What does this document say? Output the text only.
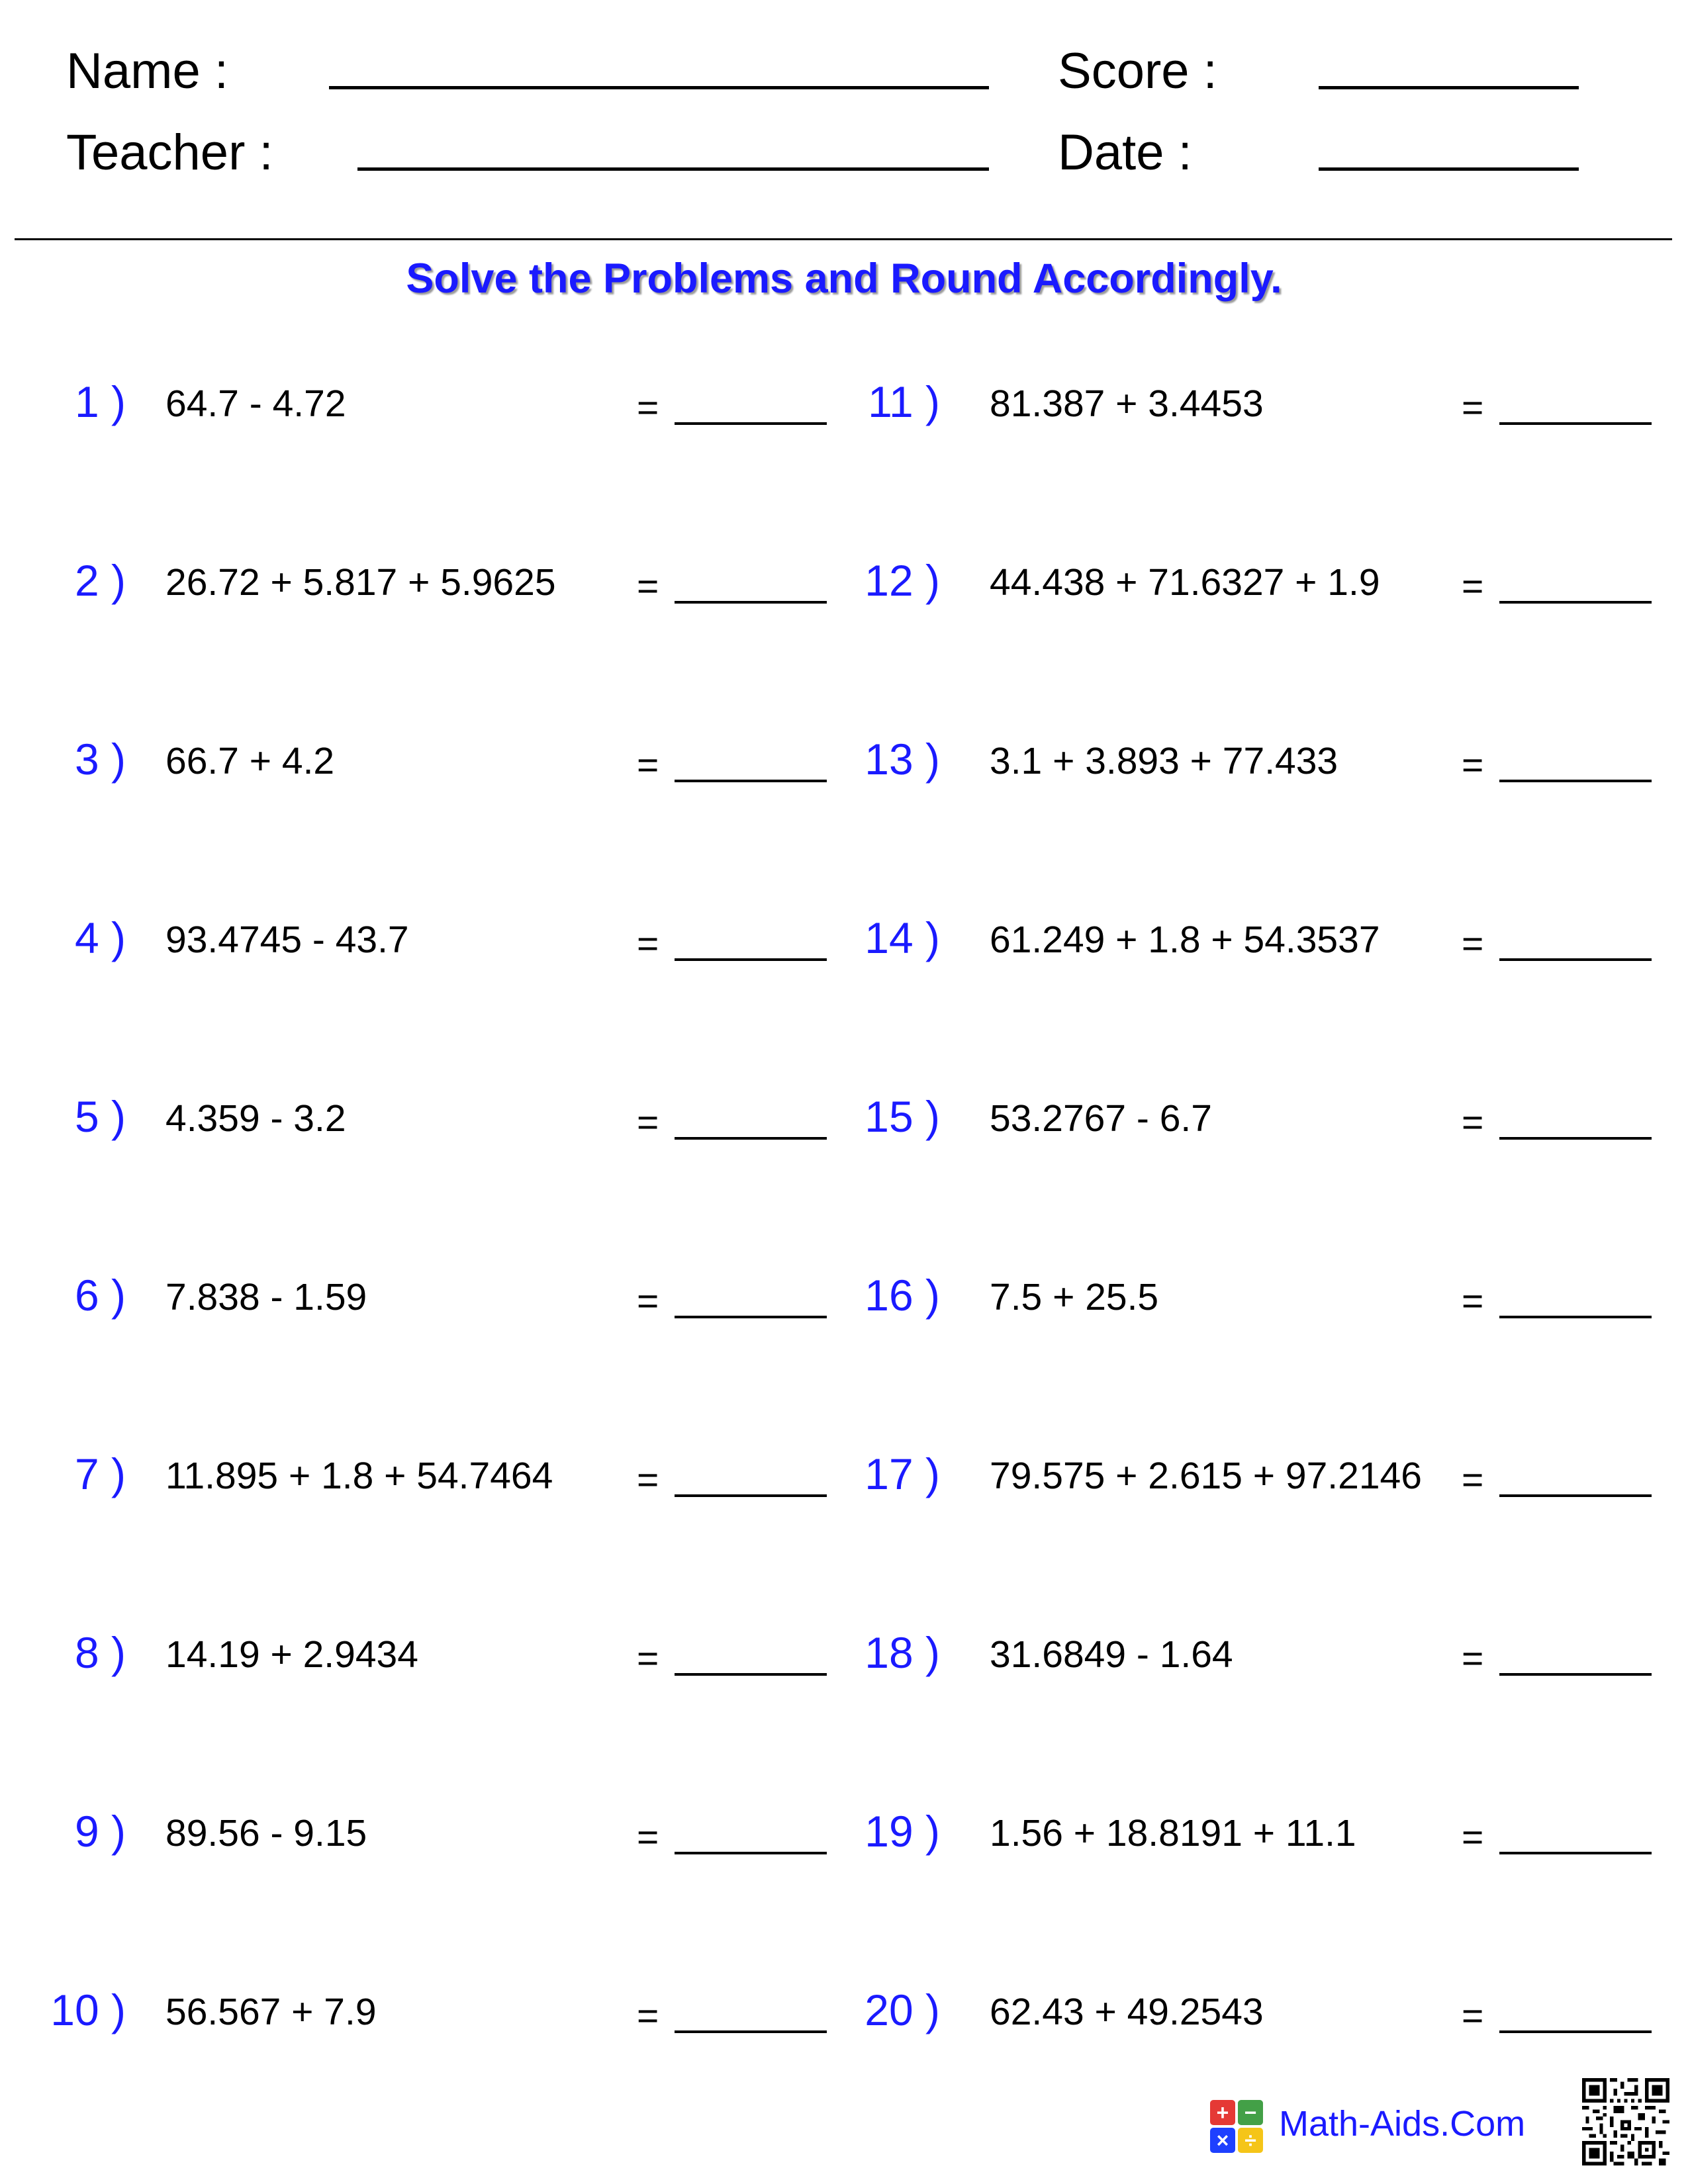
Name :
Teacher :
Score :
Date :
Solve the Problems and Round Accordingly.
1 ) 64.7 - 4.72	=
2 ) 26.72 + 5.817 + 5.9625 =
3 ) 66.7 + 4.2	=
4 ) 93.4745 - 43.7	=
5 ) 4.359 - 3.2	=
6 ) 7.838 - 1.59	=
7 ) 11.895 + 1.8 + 54.7464 =
8 ) 14.19 + 2.9434	=
9 ) 89.56 - 9.15	=
10 ) 56.567 + 7.9	=
11 ) 81.387 + 3.4453	=
12 ) 44.438 + 71.6327 + 1.9 =
13 ) 3.1 + 3.893 + 77.433	=
14 ) 61.249 + 1.8 + 54.3537 =
15 ) 53.2767 - 6.7	=
16 ) 7.5 + 25.5	=
17 ) 79.575 + 2.615 + 97.2146 =
18 ) 31.6849 - 1.64	=
19 ) 1.56 + 18.8191 + 11.1	=
20 ) 62.43 + 49.2543	=
+ −
× ÷ Math-Aids.Com
